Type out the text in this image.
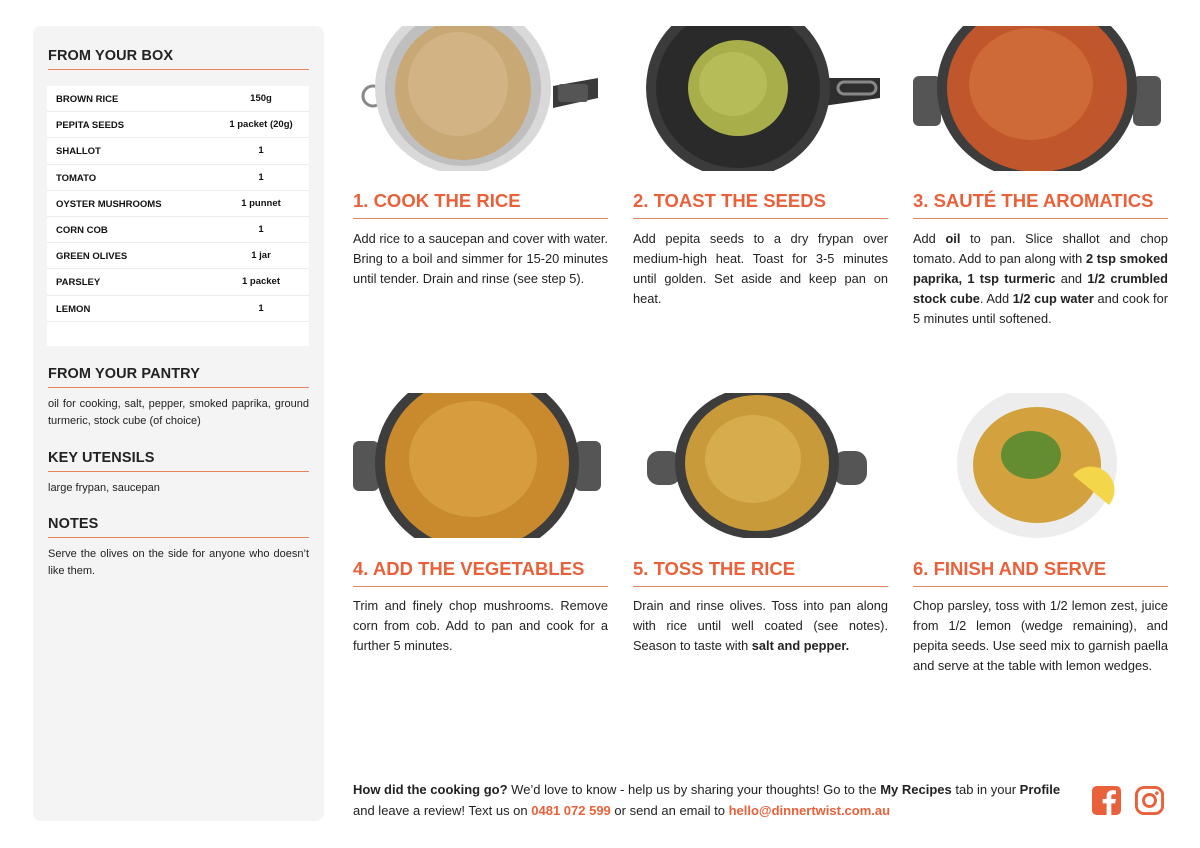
FROM YOUR BOX
BROWN RICE	150g
PEPITA SEEDS	1 packet (20g)
SHALLOT	1
TOMATO	1
OYSTER MUSHROOMS	1 punnet
CORN COB	1
GREEN OLIVES	1 jar
PARSLEY	1 packet
LEMON	1
FROM YOUR PANTRY
oil for cooking, salt, pepper, smoked paprika, ground turmeric, stock cube (of choice)
KEY UTENSILS
large frypan, saucepan
NOTES
Serve the olives on the side for anyone who doesn’t like them.
1. COOK THE RICE
Add rice to a saucepan and cover with water. Bring to a boil and simmer for 15-20 minutes until tender. Drain and rinse (see step 5).
2. TOAST THE SEEDS
Add pepita seeds to a dry frypan over medium-high heat. Toast for 3-5 minutes until golden. Set aside and keep pan on heat.
3. SAUTÉ THE AROMATICS
Add oil to pan. Slice shallot and chop tomato. Add to pan along with 2 tsp smoked paprika, 1 tsp turmeric and 1/2 crumbled stock cube. Add 1/2 cup water and cook for 5 minutes until softened.
4. ADD THE VEGETABLES
Trim and finely chop mushrooms. Remove corn from cob. Add to pan and cook for a further 5 minutes.
5. TOSS THE RICE
Drain and rinse olives. Toss into pan along with rice until well coated (see notes). Season to taste with salt and pepper.
6. FINISH AND SERVE
Chop parsley, toss with 1/2 lemon zest, juice from 1/2 lemon (wedge remaining), and pepita seeds. Use seed mix to garnish paella and serve at the table with lemon wedges.
How did the cooking go? We’d love to know - help us by sharing your thoughts! Go to the My Recipes tab in your Profile and leave a review! Text us on 0481 072 599 or send an email to hello@dinnertwist.com.au
